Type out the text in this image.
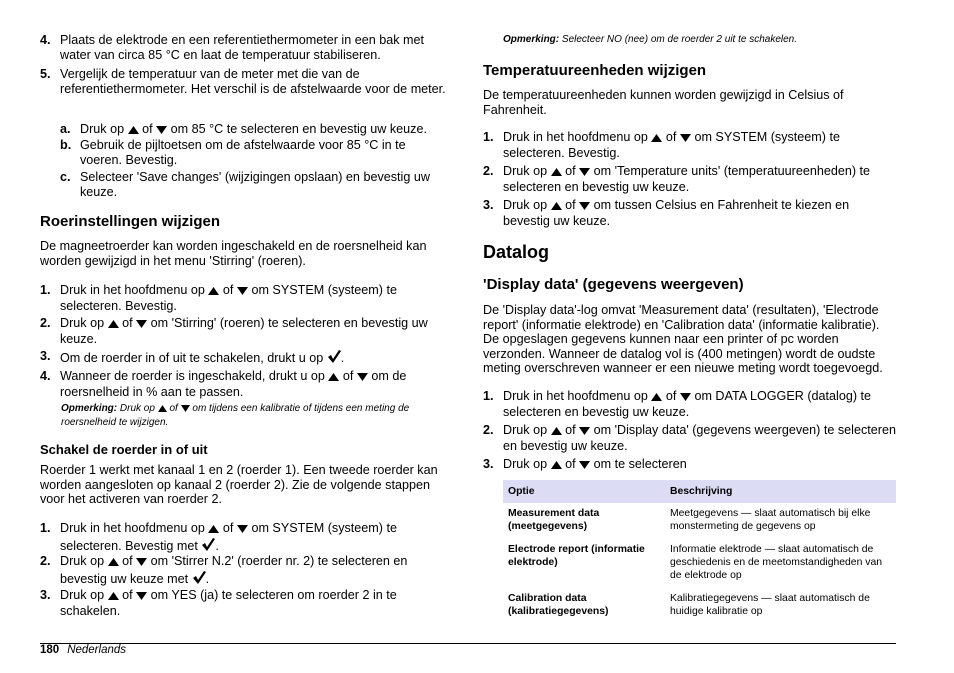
4. Plaats de elektrode en een referentiethermometer in een bak met water van circa 85 °C en laat de temperatuur stabiliseren.
5. Vergelijk de temperatuur van de meter met die van de referentiethermometer. Het verschil is de afstelwaarde voor de meter.
a. Druk op of om 85 °C te selecteren en bevestig uw keuze.
b. Gebruik de pijltoetsen om de afstelwaarde voor 85 °C in te voeren. Bevestig.
c. Selecteer 'Save changes' (wijzigingen opslaan) en bevestig uw keuze.
Roerinstellingen wijzigen

De magneetroerder kan worden ingeschakeld en de roersnelheid kan worden gewijzigd in het menu 'Stirring' (roeren).

1. Druk in het hoofdmenu op of om SYSTEM (systeem) te selecteren. Bevestig.
2. Druk op of om 'Stirring' (roeren) te selecteren en bevestig uw keuze.
3. Om de roerder in of uit te schakelen, drukt u op .
4. Wanneer de roerder is ingeschakeld, drukt u op of om de roersnelheid in % aan te passen.
Opmerking: Druk op of om tijdens een kalibratie of tijdens een meting de roersnelheid te wijzigen.
Schakel de roerder in of uit

Roerder 1 werkt met kanaal 1 en 2 (roerder 1). Een tweede roerder kan worden aangesloten op kanaal 2 (roerder 2). Zie de volgende stappen voor het activeren van roerder 2.

1. Druk in het hoofdmenu op of om SYSTEM (systeem) te selecteren. Bevestig met .
2. Druk op of om 'Stirrer N.2' (roerder nr. 2) te selecteren en bevestig uw keuze met .
3. Druk op of om YES (ja) te selecteren om roerder 2 in te schakelen.
Opmerking: Selecteer NO (nee) om de roerder 2 uit te schakelen.
Temperatuureenheden wijzigen

De temperatuureenheden kunnen worden gewijzigd in Celsius of Fahrenheit.

1. Druk in het hoofdmenu op of om SYSTEM (systeem) te selecteren. Bevestig.
2. Druk op of om 'Temperature units' (temperatuureenheden) te selecteren en bevestig uw keuze.
3. Druk op of om tussen Celsius en Fahrenheit te kiezen en bevestig uw keuze.
Datalog
'Display data' (gegevens weergeven)

De 'Display data'-log omvat 'Measurement data' (resultaten), 'Electrode report' (informatie elektrode) en 'Calibration data' (informatie kalibratie). De opgeslagen gegevens kunnen naar een printer of pc worden verzonden. Wanneer de datalog vol is (400 metingen) wordt de oudste meting overschreven wanneer er een nieuwe meting wordt toegevoegd.

1. Druk in het hoofdmenu op of om DATA LOGGER (datalog) te selecteren en bevestig uw keuze.
2. Druk op of om 'Display data' (gegevens weergeven) te selecteren en bevestig uw keuze.
3. Druk op of om te selecteren
Optie	Beschrijving
Measurement data (meetgegevens)	Meetgegevens — slaat automatisch bij elke monstermeting de gegevens op
Electrode report (informatie elektrode)	Informatie elektrode — slaat automatisch de geschiedenis en de meetomstandigheden van de elektrode op
Calibration data (kalibratiegegevens)	Kalibratiegegevens — slaat automatisch de huidige kalibratie op
180 Nederlands
